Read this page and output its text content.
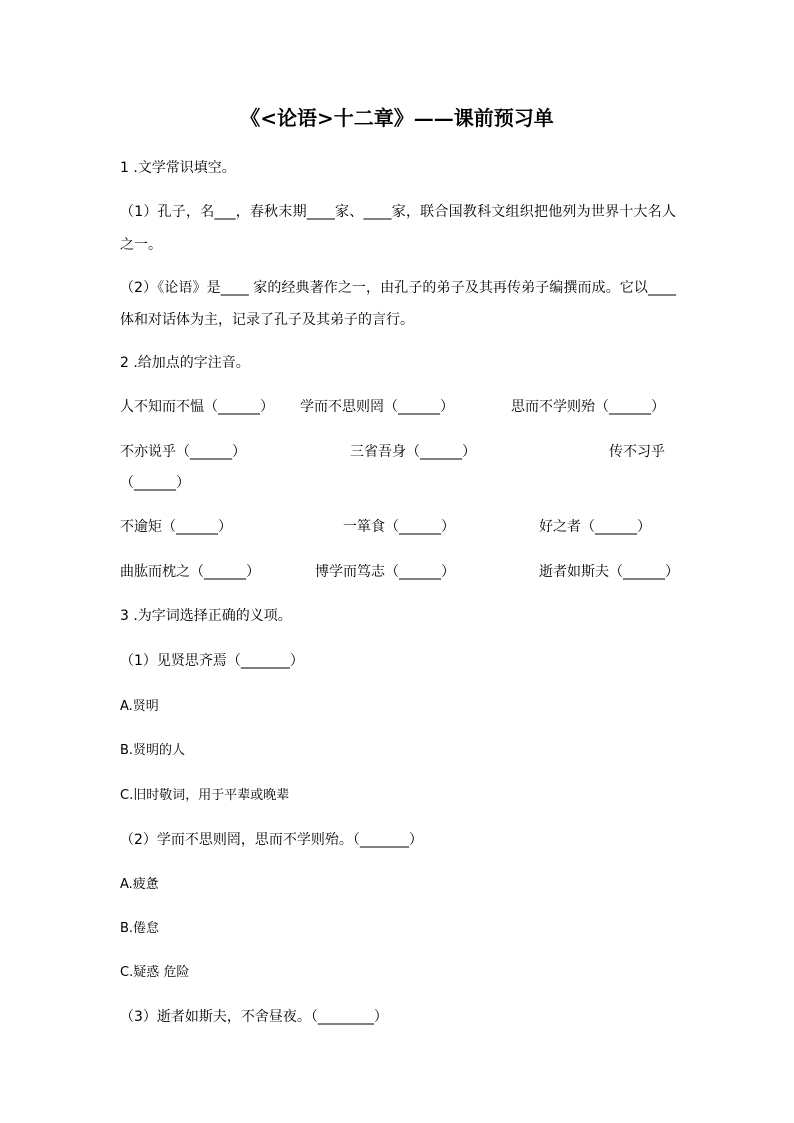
《<论语>十二章》——课前预习单
1 .文学常识填空。
（1）孔子，名___，春秋末期____家、____家，联合国教科文组织把他列为世界十大名人之一。
（2）《论语》是____ 家的经典著作之一，由孔子的弟子及其再传弟子编撰而成。它以____体和对话体为主，记录了孔子及其弟子的言行。
2 .给加点的字注音。
人不知而不愠（______） 学而不思则罔（______）	思而不学则殆（______）
不亦说乎（______）	三省吾身（______）	传不习乎
（______）
不逾矩（______）	一箪食（______）	好之者（______）
曲肱而枕之（______）	博学而笃志（______）	逝者如斯夫（______）
3 .为字词选择正确的义项。
（1）见贤思齐焉（_______）
A.贤明
B.贤明的人
C.旧时敬词，用于平辈或晚辈
（2）学而不思则罔，思而不学则殆。（_______）
A.疲惫
B.倦怠
C.疑惑 危险
（3）逝者如斯夫，不舍昼夜。（________）
